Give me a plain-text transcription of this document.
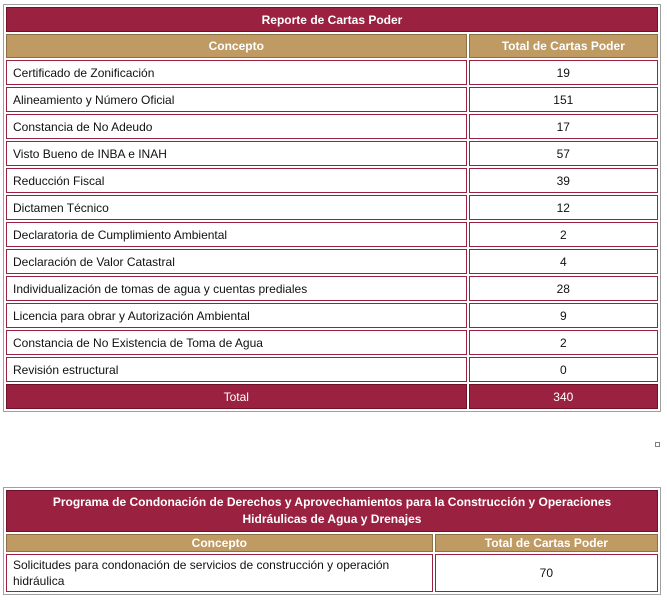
Reporte de Cartas Poder	
Concepto	Total de Cartas Poder
Certificado de Zonificación	19
Alineamiento y Número Oficial	151
Constancia de No Adeudo	17
Visto Bueno de INBA e INAH	57
Reducción Fiscal	39
Dictamen Técnico	12
Declaratoria de Cumplimiento Ambiental	2
Declaración de Valor Catastral	4
Individualización de tomas de agua y cuentas prediales	28
Licencia para obrar y Autorización Ambiental	9
Constancia de No Existencia de Toma de Agua	2
Revisión estructural	0
Total	340
Programa de Condonación de Derechos y Aprovechamientos para la Construcción y Operaciones Hidráulicas de Agua y Drenajes	
Concepto	Total de Cartas Poder
Solicitudes para condonación de servicios de construcción y operación hidráulica	70
